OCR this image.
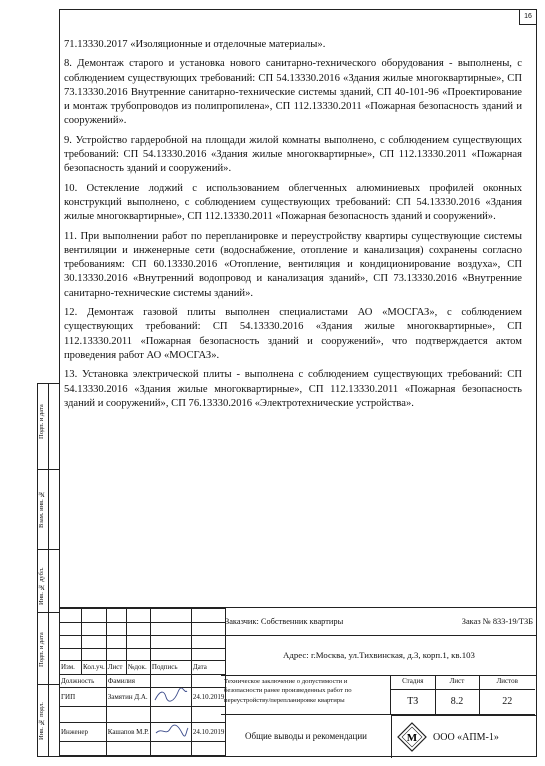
16

71.13330.2017 «Изоляционные и отделочные материалы».

8. Демонтаж старого и установка нового санитарно-технического оборудования - выполнены, с соблюдением существующих требований: СП 54.13330.2016 «Здания жилые многоквартирные», СП 73.13330.2016 Внутренние санитарно-технические системы зданий, СП 40-101-96 «Проектирование и монтаж трубопроводов из полипропилена», СП 112.13330.2011 «Пожарная безопасность зданий и сооружений».

9. Устройство гардеробной на площади жилой комнаты выполнено, с соблюдением существующих требований: СП 54.13330.2016 «Здания жилые многоквартирные», СП 112.13330.2011 «Пожарная безопасность зданий и сооружений».

10. Остекление лоджий с использованием облегченных алюминиевых профилей оконных конструкций выполнено, с соблюдением существующих требований: СП 54.13330.2016 «Здания жилые многоквартирные», СП 112.13330.2011 «Пожарная безопасность зданий и сооружений».

11. При выполнении работ по перепланировке и переустройству квартиры существующие системы вентиляции и инженерные сети (водоснабжение, отопление и канализация) сохранены согласно требованиям: СП 60.13330.2016 «Отопление, вентиляция и кондиционирование воздуха», СП 30.13330.2016 «Внутренний водопровод и канализация зданий», СП 73.13330.2016 «Внутренние санитарно-технические системы зданий».

12. Демонтаж газовой плиты выполнен специалистами АО «МОСГАЗ», с соблюдением существующих требований: СП 54.13330.2016 «Здания жилые многоквартирные», СП 112.13330.2011 «Пожарная безопасность зданий и сооружений», что подтверждается актом проведения работ АО «МОСГАЗ».

13. Установка электрической плиты - выполнена с соблюдением существующих требований: СП 54.13330.2016 «Здания жилые многоквартирные», СП 112.13330.2011 «Пожарная безопасность зданий и сооружений», СП 76.13330.2016 «Электротехнические устройства».

Подп. и дата
Взам. инв. №
Инв. № дубл.
Подп. и дата
Инв. № подл.

Изм.	Кол.уч.	Лист	№док.	Подпись	Дата
Должность		Фамилия			
ГИП		Замятин Д.А.			24.10.2019

Инженер		Кашапов М.Р.			24.10.2019

Заказчик: Собственник квартиры	Заказ № 833-19/ТЗБ
Адрес: г.Москва, ул.Тихвинская, д.3, корп.1, кв.103
Техническое заключение о допустимости и безопасности ранее произведенных работ по переустройству/перепланировке квартиры
Общие выводы и рекомендации
Стадия	Лист	Листов
ТЗ	8.2	22
М ООО «АПМ-1»
